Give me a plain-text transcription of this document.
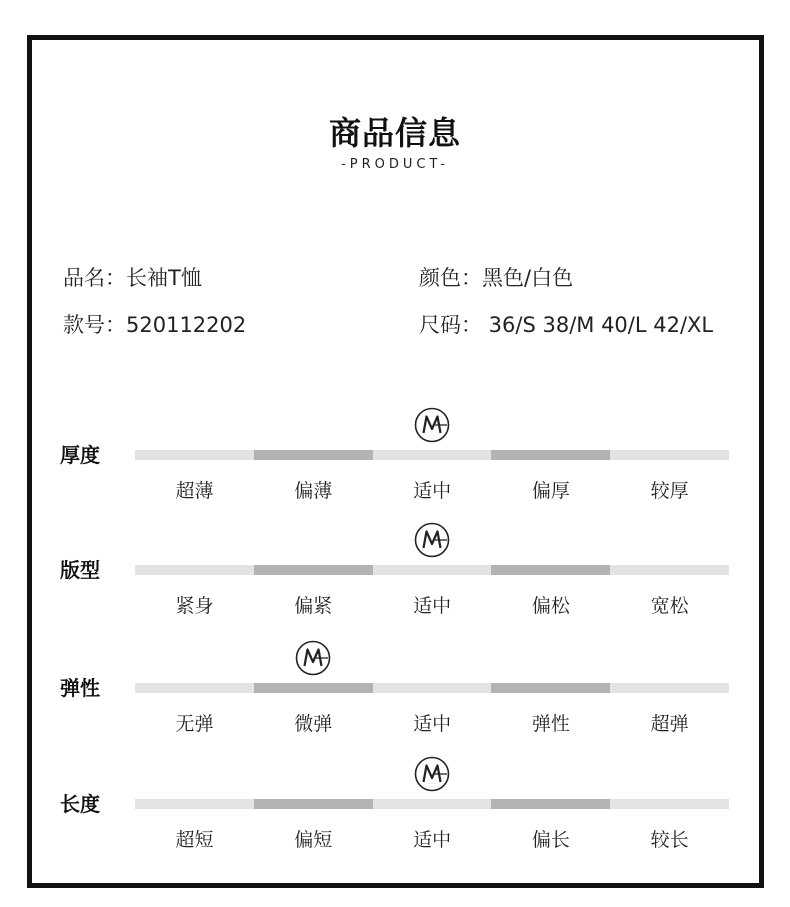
商品信息
-PRODUCT-
品名：长袖T恤	颜色：黑色/白色
款号：520112202	尺码： 36/S 38/M 40/L 42/XL
厚度
超薄	偏薄	适中	偏厚	较厚
版型
紧身	偏紧	适中	偏松	宽松
弹性
无弹	微弹	适中	弹性	超弹
长度
超短	偏短	适中	偏长	较长
